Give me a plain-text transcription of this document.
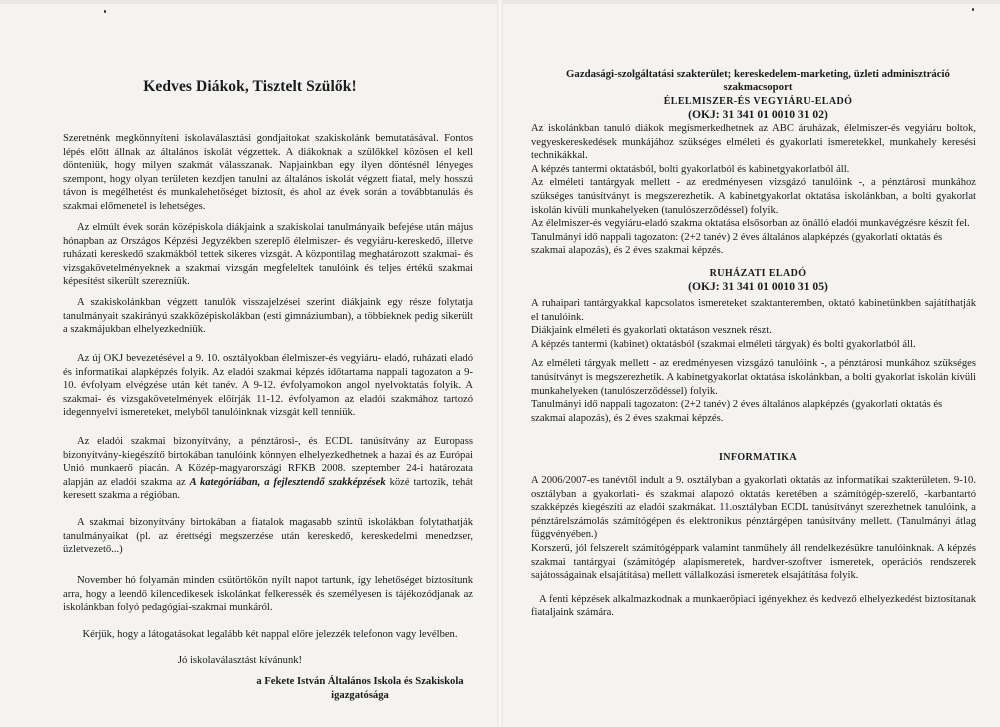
Kedves Diákok, Tisztelt Szülők!

Szeretnénk megkönnyíteni iskolaválasztási gondjaitokat szakiskolánk bemutatásával. Fontos lépés előtt állnak az általános iskolát végzettek. A diákoknak a szülőkkel közösen el kell dönteniük, hogy milyen szakmát válasszanak. Napjainkban egy ilyen döntésnél lényeges szempont, hogy olyan területen kezdjen tanulni az általános iskolát végzett fiatal, mely hosszú távon is megélhetést és munkalehetőséget biztosít, és ahol az évek során a továbbtanulás és szakmai előmenetel is lehetséges.

Az elmúlt évek során középiskola diákjaink a szakiskolai tanulmányaik befejése után május hónapban az Országos Képzési Jegyzékben szereplő élelmiszer- és vegyiáru-kereskedő, illetve ruházati kereskedő szakmákból tettek sikeres vizsgát. A központilag meghatározott szakmai- és vizsgakövetelményeknek a szakmai vizsgán megfeleltek tanulóink és teljes értékű szakmai képesítést sikerült szerezniük.

A szakiskolánkban végzett tanulók visszajelzései szerint diákjaink egy része folytatja tanulmányait szakirányú szakközépiskolákban (esti gimnáziumban), a többieknek pedig sikerült a szakmájukban elhelyezkedniük.

Az új OKJ bevezetésével a 9. 10. osztályokban élelmiszer-és vegyiáru- eladó, ruházati eladó és informatikai alapképzés folyik. Az eladói szakmai képzés időtartama nappali tagozaton a 9-10. évfolyam elvégzése után két tanév. A 9-12. évfolyamokon angol nyelvoktatás folyik. A szakmai- és vizsgakövetelmények előírják 11-12. évfolyamon az eladói szakmához tartozó idegennyelvi ismereteket, melyből tanulóinknak vizsgát kell tenniük.

Az eladói szakmai bizonyítvány, a pénztárosi-, és ECDL tanúsítvány az Europass bizonyítvány-kiegészítő birtokában tanulóink könnyen elhelyezkedhetnek a hazai és az Európai Unió munkaerő piacán. A Közép-magyarországi RFKB 2008. szeptember 24-i határozata alapján az eladói szakma az A kategóriában, a fejlesztendő szakképzések közé tartozik, tehát keresett szakma a régióban.

A szakmai bizonyítvány birtokában a fiatalok magasabb szintű iskolákban folytathatják tanulmányaikat (pl. az érettségi megszerzése után kereskedő, kereskedelmi menedzser, üzletvezető...)

November hó folyamán minden csütörtökön nyílt napot tartunk, így lehetőséget biztosítunk arra, hogy a leendő kilencedikesek iskolánkat felkeressék és személyesen is tájékozódjanak az iskolánkban folyó pedagógiai-szakmai munkáról.

Kérjük, hogy a látogatásokat legalább két nappal előre jelezzék telefonon vagy levélben.
Jó iskolaválasztást kívánunk!
a Fekete István Általános Iskola és Szakiskola
igazgatósága
Gazdasági-szolgáltatási szakterület; kereskedelem-marketing, üzleti adminisztráció
szakmacsoport
ÉLELMISZER-ÉS VEGYIÁRU-ELADÓ
(OKJ: 31 341 01 0010 31 02)

Az iskolánkban tanuló diákok megismerkedhetnek az ABC áruházak, élelmiszer-és vegyiáru boltok, vegyeskereskedések munkájához szükséges elméleti és gyakorlati ismeretekkel, munkahely keresési technikákkal.

A képzés tantermi oktatásból, bolti gyakorlatból és kabinetgyakorlatból áll.

Az elméleti tantárgyak mellett - az eredményesen vizsgázó tanulóink -, a pénztárosi munkához szükséges tanúsítványt is megszerezhetik. A kabinetgyakorlat oktatása iskolánkban, a bolti gyakorlat iskolán kívüli munkahelyeken (tanulószerződéssel) folyik.

Az élelmiszer-és vegyiáru-eladó szakma oktatása elsősorban az önálló eladói munkavégzésre készít fel.

Tanulmányi idő nappali tagozaton: (2+2 tanév) 2 éves általános alapképzés (gyakorlati oktatás és szakmai alapozás), és 2 éves szakmai képzés.

RUHÁZATI ELADÓ
(OKJ: 31 341 01 0010 31 05)

A ruhaipari tantárgyakkal kapcsolatos ismereteket szaktanteremben, oktató kabinetünkben sajátíthatják el tanulóink.

Diákjaink elméleti és gyakorlati oktatáson vesznek részt.

A képzés tantermi (kabinet) oktatásból (szakmai elméleti tárgyak) és bolti gyakorlatból áll.

Az elméleti tárgyak mellett - az eredményesen vizsgázó tanulóink -, a pénztárosi munkához szükséges tanúsítványt is megszerezhetik. A kabinetgyakorlat oktatása iskolánkban, a bolti gyakorlat iskolán kívüli munkahelyeken (tanulószerződéssel) folyik.

Tanulmányi idő nappali tagozaton: (2+2 tanév) 2 éves általános alapképzés (gyakorlati oktatás és szakmai alapozás), és 2 éves szakmai képzés.

INFORMATIKA

A 2006/2007-es tanévtől indult a 9. osztályban a gyakorlati oktatás az informatikai szakterületen. 9-10. osztályban a gyakorlati- és szakmai alapozó oktatás keretében a számítógép-szerelő, -karbantartó szakképzés kiegészíti az eladói szakmákat. 11.osztályban ECDL tanúsítványt szerezhetnek tanulóink, a pénztárelszámolás számítógépen és elektronikus pénztárgépen tanúsítvány mellett. (Tanulmányi átlag függvényében.)

Korszerű, jól felszerelt számítógéppark valamint tanműhely áll rendelkezésükre tanulóinknak. A képzés szakmai tantárgyai (számítógép alapismeretek, hardver-szoftver ismeretek, operációs rendszerek sajátosságainak elsajátítása) mellett vállalkozási ismeretek elsajátítása folyik.

A fenti képzések alkalmazkodnak a munkaerőpiaci igényekhez és kedvező elhelyezkedést biztosítanak fiataljaink számára.
